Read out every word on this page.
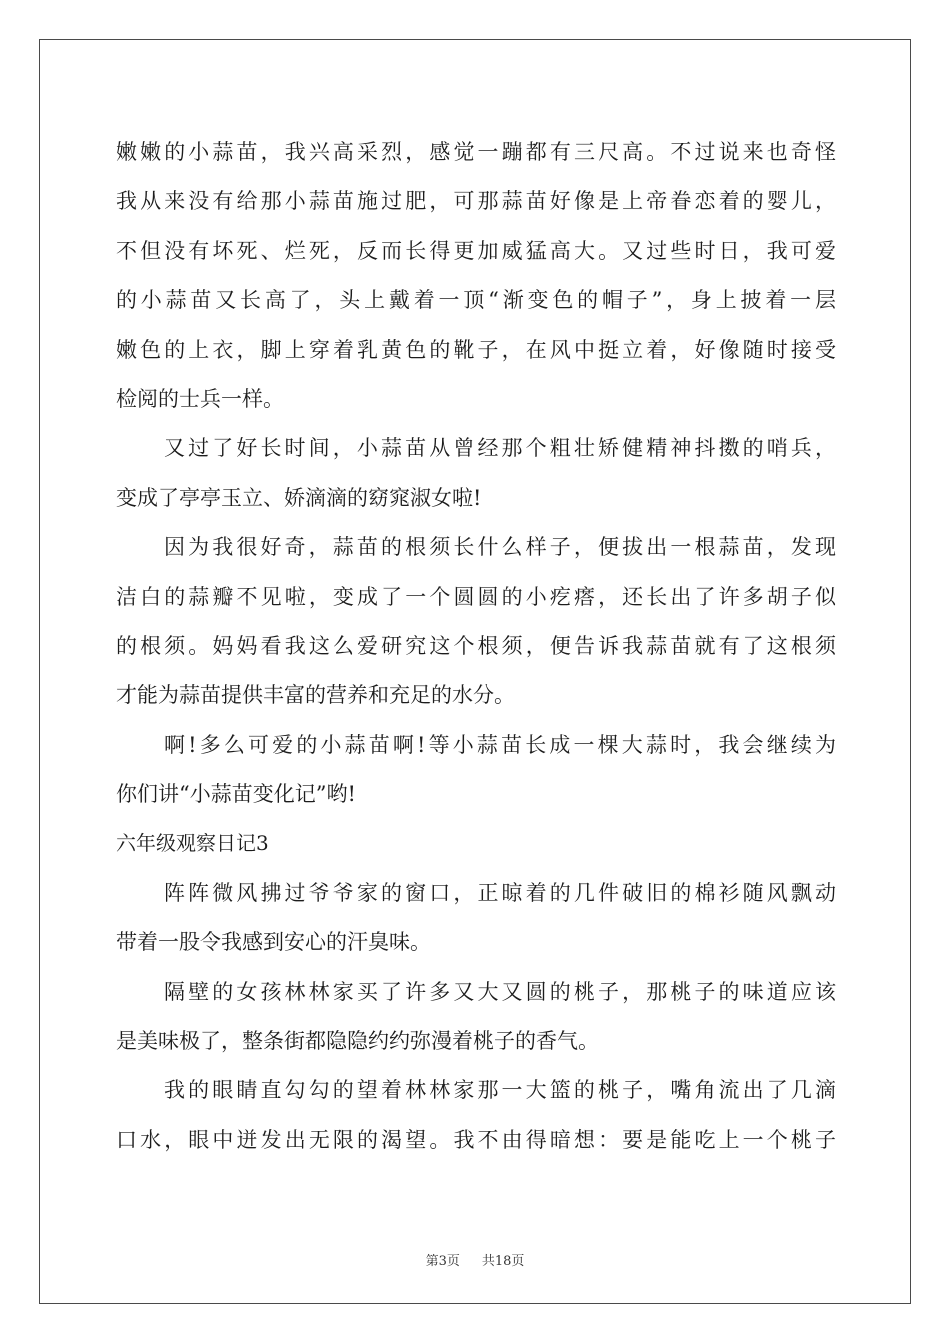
嫩嫩的小蒜苗，我兴高采烈，感觉一蹦都有三尺高。不过说来也奇怪
我从来没有给那小蒜苗施过肥，可那蒜苗好像是上帝眷恋着的婴儿，
不但没有坏死、烂死，反而长得更加威猛高大。又过些时日，我可爱
的小蒜苗又长高了，头上戴着一顶“渐变色的帽子”，身上披着一层
嫩色的上衣，脚上穿着乳黄色的靴子，在风中挺立着，好像随时接受
检阅的士兵一样。
又过了好长时间，小蒜苗从曾经那个粗壮矫健精神抖擞的哨兵，
变成了亭亭玉立、娇滴滴的窈窕淑女啦!
因为我很好奇，蒜苗的根须长什么样子，便拔出一根蒜苗，发现
洁白的蒜瓣不见啦，变成了一个圆圆的小疙瘩，还长出了许多胡子似
的根须。妈妈看我这么爱研究这个根须，便告诉我蒜苗就有了这根须
才能为蒜苗提供丰富的营养和充足的水分。
啊!多么可爱的小蒜苗啊!等小蒜苗长成一棵大蒜时，我会继续为
你们讲“小蒜苗变化记”哟!
六年级观察日记3
阵阵微风拂过爷爷家的窗口，正晾着的几件破旧的棉衫随风飘动
带着一股令我感到安心的汗臭味。
隔壁的女孩林林家买了许多又大又圆的桃子，那桃子的味道应该
是美味极了，整条街都隐隐约约弥漫着桃子的香气。
我的眼睛直勾勾的望着林林家那一大篮的桃子，嘴角流出了几滴
口水，眼中迸发出无限的渴望。我不由得暗想：要是能吃上一个桃子
第3页 共18页
